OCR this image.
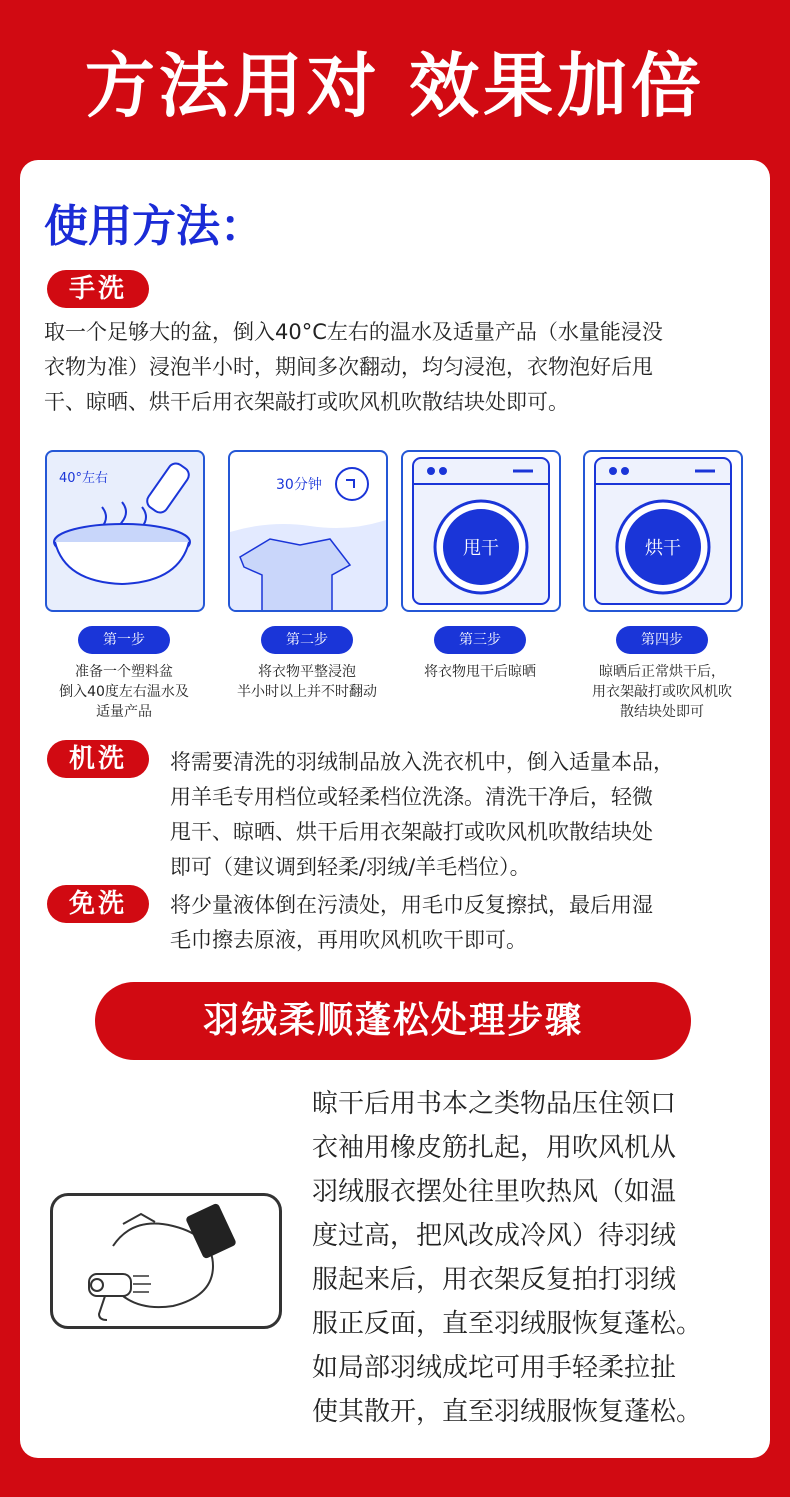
方法用对 效果加倍
使用方法：
手洗

取一个足够大的盆，倒入40°C左右的温水及适量产品（水量能浸没

衣物为准）浸泡半小时，期间多次翻动，均匀浸泡，衣物泡好后甩

干、晾晒、烘干后用衣架敲打或吹风机吹散结块处即可。

40°左右
第一步
准备一个塑料盆
倒入40度左右温水及
适量产品
30分钟
第二步
将衣物平整浸泡
半小时以上并不时翻动
甩干
第三步
将衣物甩干后晾晒
烘干
第四步
晾晒后正常烘干后，
用衣架敲打或吹风机吹
散结块处即可
机洗	将需要清洗的羽绒制品放入洗衣机中，倒入适量本品，

用羊毛专用档位或轻柔档位洗涤。清洗干净后，轻微

甩干、晾晒、烘干后用衣架敲打或吹风机吹散结块处

即可（建议调到轻柔/羽绒/羊毛档位）。

免洗	将少量液体倒在污渍处，用毛巾反复擦拭，最后用湿

毛巾擦去原液，再用吹风机吹干即可。

羽绒柔顺蓬松处理步骤
晾干后用书本之类物品压住领口
衣袖用橡皮筋扎起，用吹风机从
羽绒服衣摆处往里吹热风（如温
度过高，把风改成冷风）待羽绒
服起来后，用衣架反复拍打羽绒
服正反面，直至羽绒服恢复蓬松。
如局部羽绒成坨可用手轻柔拉扯
使其散开，直至羽绒服恢复蓬松。
